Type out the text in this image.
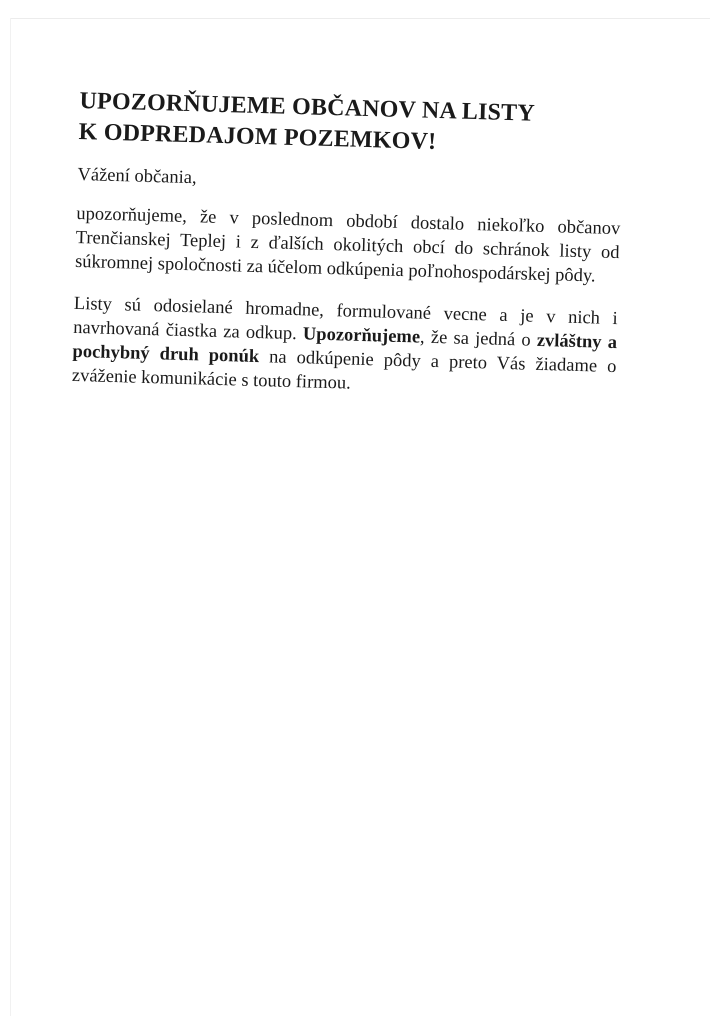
UPOZORŇUJEME OBČANOV NA LISTY
K ODPREDAJOM POZEMKOV!

Vážení občania,

upozorňujeme, že v poslednom období dostalo niekoľko občanov Trenčianskej Teplej i z ďalších okolitých obcí do schránok listy od súkromnej spoločnosti za účelom odkúpenia poľnohospodárskej pôdy.

Listy sú odosielané hromadne, formulované vecne a je v nich i navrhovaná čiastka za odkup. Upozorňujeme, že sa jedná o zvláštny a pochybný druh ponúk na odkúpenie pôdy a preto Vás žiadame o zváženie komunikácie s touto firmou.
